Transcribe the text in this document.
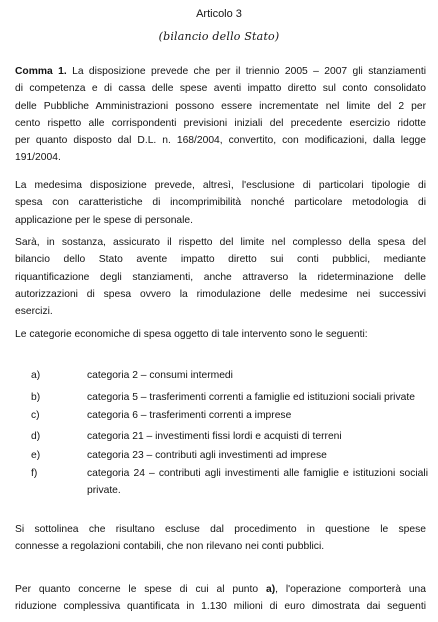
Articolo 3
(bilancio dello Stato)
Comma 1. La disposizione prevede che per il triennio 2005 – 2007 gli stanziamenti
di competenza e di cassa delle spese aventi impatto diretto sul conto consolidato
delle Pubbliche Amministrazioni possono essere incrementate nel limite del 2 per
cento rispetto alle corrispondenti previsioni iniziali del precedente esercizio ridotte
per quanto disposto dal D.L. n. 168/2004, convertito, con modificazioni, dalla legge
191/2004.
La medesima disposizione prevede, altresì, l'esclusione di particolari tipologie di
spesa con caratteristiche di incomprimibilità nonché particolare metodologia di
applicazione per le spese di personale.
Sarà, in sostanza, assicurato il rispetto del limite nel complesso della spesa del
bilancio dello Stato avente impatto diretto sui conti pubblici, mediante
riquantificazione degli stanziamenti, anche attraverso la rideterminazione delle
autorizzazioni di spesa ovvero la rimodulazione delle medesime nei successivi
esercizi.
Le categorie economiche di spesa oggetto di tale intervento sono le seguenti:
a)	categoria 2 – consumi intermedi
b)	categoria 5 – trasferimenti correnti a famiglie ed istituzioni sociali private
c)	categoria 6 – trasferimenti correnti a imprese
d)	categoria 21 – investimenti fissi lordi e acquisti di terreni
e)	categoria 23 – contributi agli investimenti ad imprese
f)	categoria 24 – contributi agli investimenti alle famiglie e istituzioni sociali
private.
Si sottolinea che risultano escluse dal procedimento in questione le spese
connesse a regolazioni contabili, che non rilevano nei conti pubblici.
Per quanto concerne le spese di cui al punto a), l'operazione comporterà una
riduzione complessiva quantificata in 1.130 milioni di euro dimostrata dai seguenti
